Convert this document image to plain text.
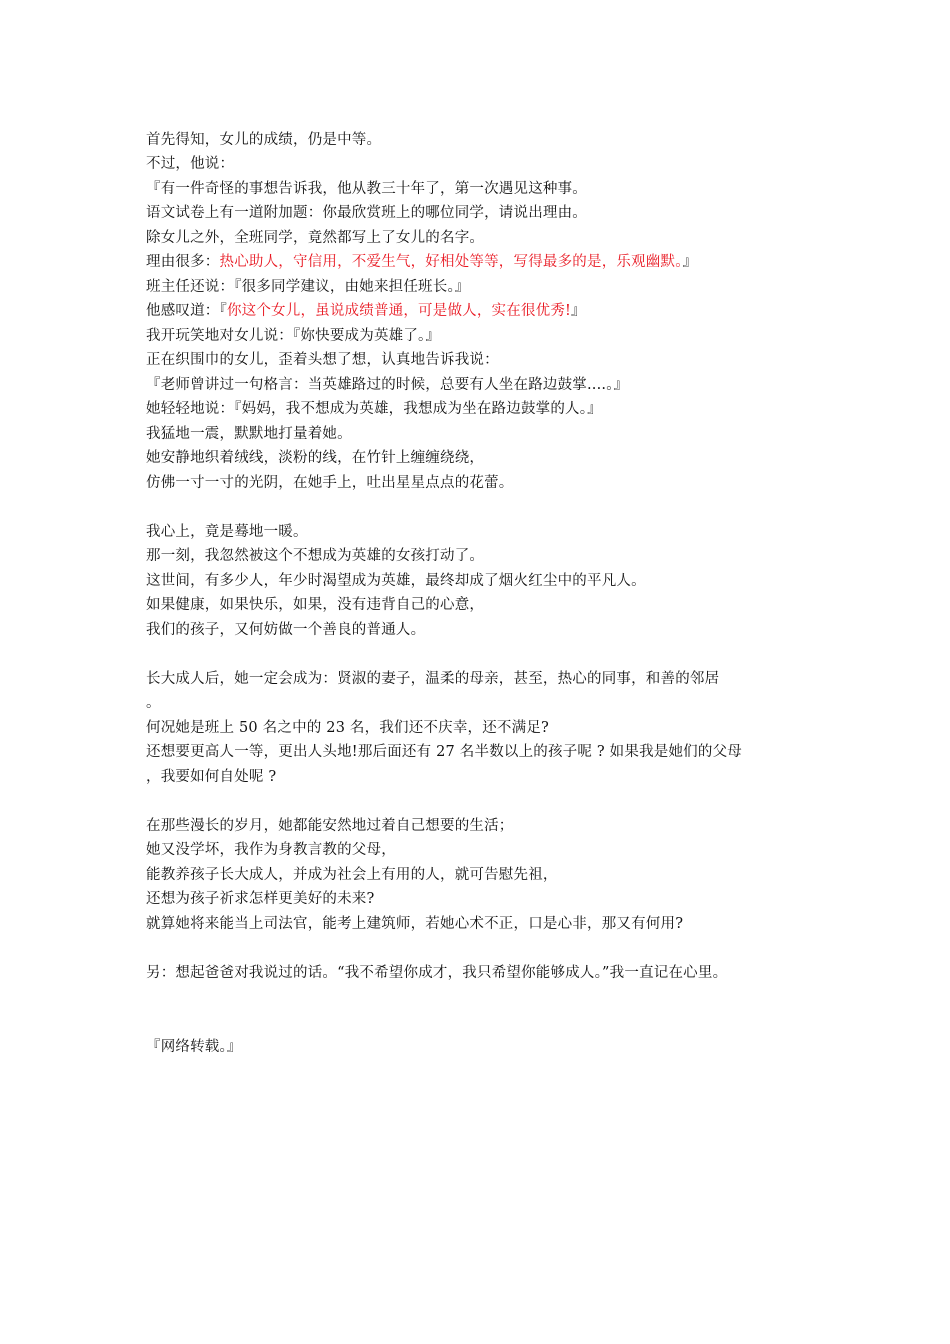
首先得知，女儿的成绩，仍是中等。
不过，他说：
『有一件奇怪的事想告诉我，他从教三十年了，第一次遇见这种事。
语文试卷上有一道附加题：你最欣赏班上的哪位同学，请说出理由。
除女儿之外，全班同学，竟然都写上了女儿的名字。
理由很多：热心助人，守信用，不爱生气，好相处等等，写得最多的是，乐观幽默。』
班主任还说：『很多同学建议，由她来担任班长。』
他感叹道：『你这个女儿，虽说成绩普通，可是做人，实在很优秀!』
我开玩笑地对女儿说：『妳快要成为英雄了。』
正在织围巾的女儿，歪着头想了想，认真地告诉我说：
『老师曾讲过一句格言：当英雄路过的时候，总要有人坐在路边鼓掌....。』
她轻轻地说：『妈妈，我不想成为英雄，我想成为坐在路边鼓掌的人。』
我猛地一震，默默地打量着她。
她安静地织着绒线，淡粉的线，在竹针上缠缠绕绕，
仿佛一寸一寸的光阴，在她手上，吐出星星点点的花蕾。
我心上，竟是蓦地一暖。
那一刻，我忽然被这个不想成为英雄的女孩打动了。
这世间，有多少人，年少时渴望成为英雄，最终却成了烟火红尘中的平凡人。
如果健康，如果快乐，如果，没有违背自己的心意，
我们的孩子，又何妨做一个善良的普通人。
长大成人后，她一定会成为：贤淑的妻子，温柔的母亲，甚至，热心的同事，和善的邻居
。
何况她是班上 50 名之中的 23 名，我们还不庆幸，还不满足?
还想要更高人一等，更出人头地!那后面还有 27 名半数以上的孩子呢 ? 如果我是她们的父母
，我要如何自处呢 ?
在那些漫长的岁月，她都能安然地过着自己想要的生活；
她又没学坏，我作为身教言教的父母，
能教养孩子长大成人，并成为社会上有用的人，就可告慰先祖，
还想为孩子祈求怎样更美好的未来?
就算她将来能当上司法官，能考上建筑师，若她心术不正，口是心非，那又有何用?
另：想起爸爸对我说过的话。“我不希望你成才，我只希望你能够成人。”我一直记在心里。
『网络转载。』
